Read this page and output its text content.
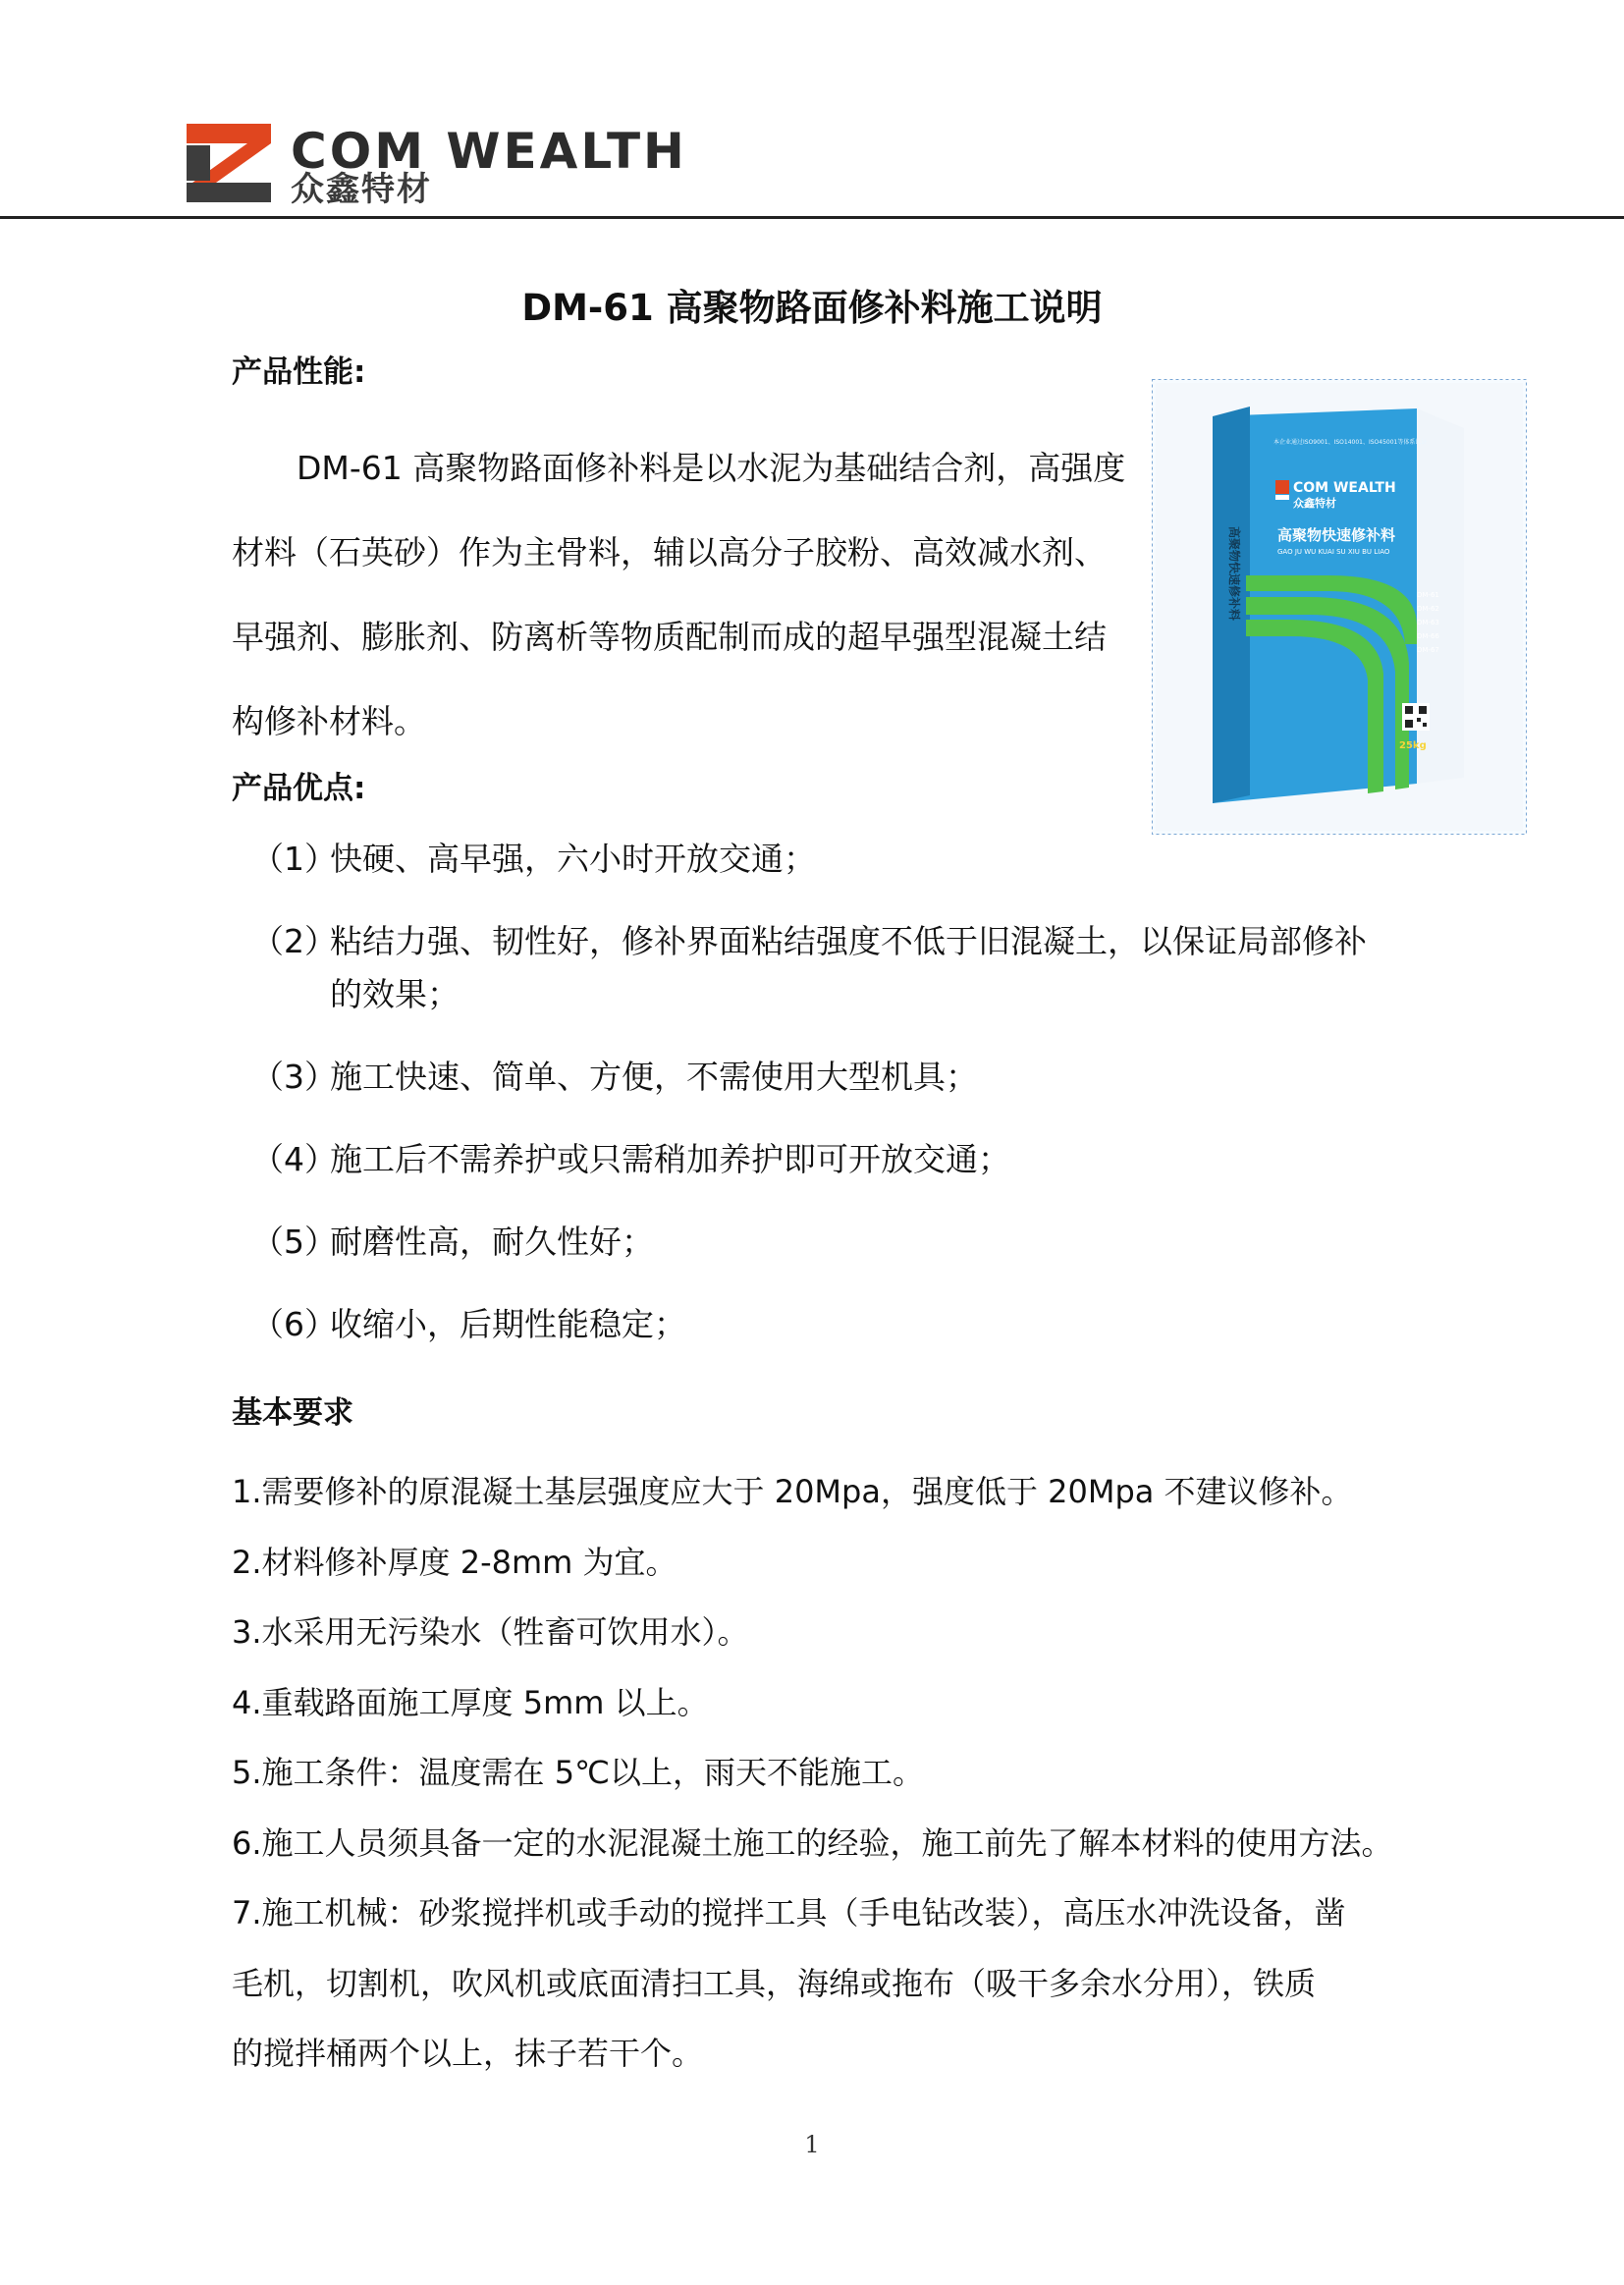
COM WEALTH
众鑫特材
DM-61 高聚物路面修补料施工说明
产品性能:

DM-61 高聚物路面修补料是以水泥为基础结合剂，高强度

材料（石英砂）作为主骨料，辅以高分子胶粉、高效减水剂、

早强剂、膨胀剂、防离析等物质配制而成的超早强型混凝土结

构修补材料。

本企业通过ISO9001、ISO14001、ISO45001等体系认证
COM WEALTH
众鑫特材
高聚物快速修补料
GAO JU WU KUAI SU XIU BU LIAO
DM-61
DM-62
DM-63
DM-66
DM-67
25kg
高聚物快速修补料
产品优点:
（1）
快硬、高早强，六小时开放交通；
（2）
粘结力强、韧性好，修补界面粘结强度不低于旧混凝土，以保证局部修补
的效果；
（3）
施工快速、简单、方便，不需使用大型机具；
（4）
施工后不需养护或只需稍加养护即可开放交通；
（5）
耐磨性高，耐久性好；
（6）
收缩小，后期性能稳定；
基本要求

1.需要修补的原混凝土基层强度应大于 20Mpa，强度低于 20Mpa 不建议修补。

2.材料修补厚度 2-8mm 为宜。

3.水采用无污染水（牲畜可饮用水）。

4.重载路面施工厚度 5mm 以上。

5.施工条件：温度需在 5℃以上，雨天不能施工。

6.施工人员须具备一定的水泥混凝土施工的经验，施工前先了解本材料的使用方法。

7.施工机械：砂浆搅拌机或手动的搅拌工具（手电钻改装），高压水冲洗设备，凿

毛机，切割机，吹风机或底面清扫工具，海绵或拖布（吸干多余水分用），铁质

的搅拌桶两个以上，抹子若干个。

1
